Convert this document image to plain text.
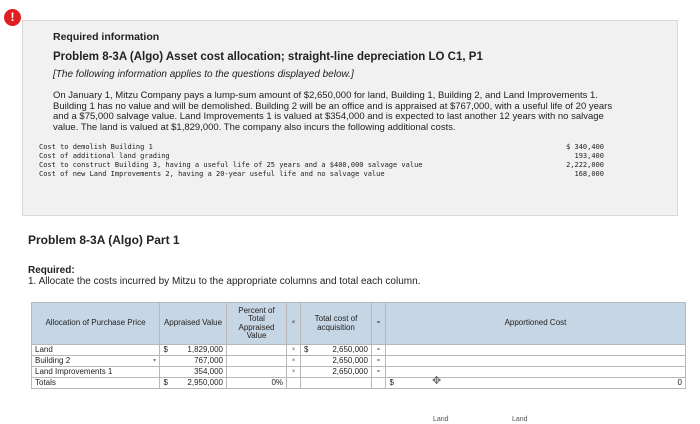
!

Required information

Problem 8-3A (Algo) Asset cost allocation; straight-line depreciation LO C1, P1

[The following information applies to the questions displayed below.]

On January 1, Mitzu Company pays a lump-sum amount of $2,650,000 for land, Building 1, Building 2, and Land Improvements 1. Building 1 has no value and will be demolished. Building 2 will be an office and is appraised at $767,000, with a useful life of 20 years and a $75,000 salvage value. Land Improvements 1 is valued at $354,000 and is expected to last another 12 years with no salvage value. The land is valued at $1,829,000. The company also incurs the following additional costs.

Cost to demolish Building 1	$ 340,400
Cost of additional land grading	193,400
Cost to construct Building 3, having a useful life of 25 years and a $400,000 salvage value	2,222,000
Cost of new Land Improvements 2, having a 20-year useful life and no salvage value	168,000

Problem 8-3A (Algo) Part 1

Required:
1. Allocate the costs incurred by Mitzu to the appropriate columns and total each column.
Allocation of Purchase Price	Appraised Value		Percent of Total Appraised Value	×	Total cost of acquisition		=	Apportioned Cost	
Land	$	1,829,000		×	$	2,650,000	=		
Building 2 ▾		767,000		×		2,650,000	=		
Land Improvements 1		354,000		×		2,650,000	=		
Totals	$	2,950,000	0%					$	0
✥
Land	Land
